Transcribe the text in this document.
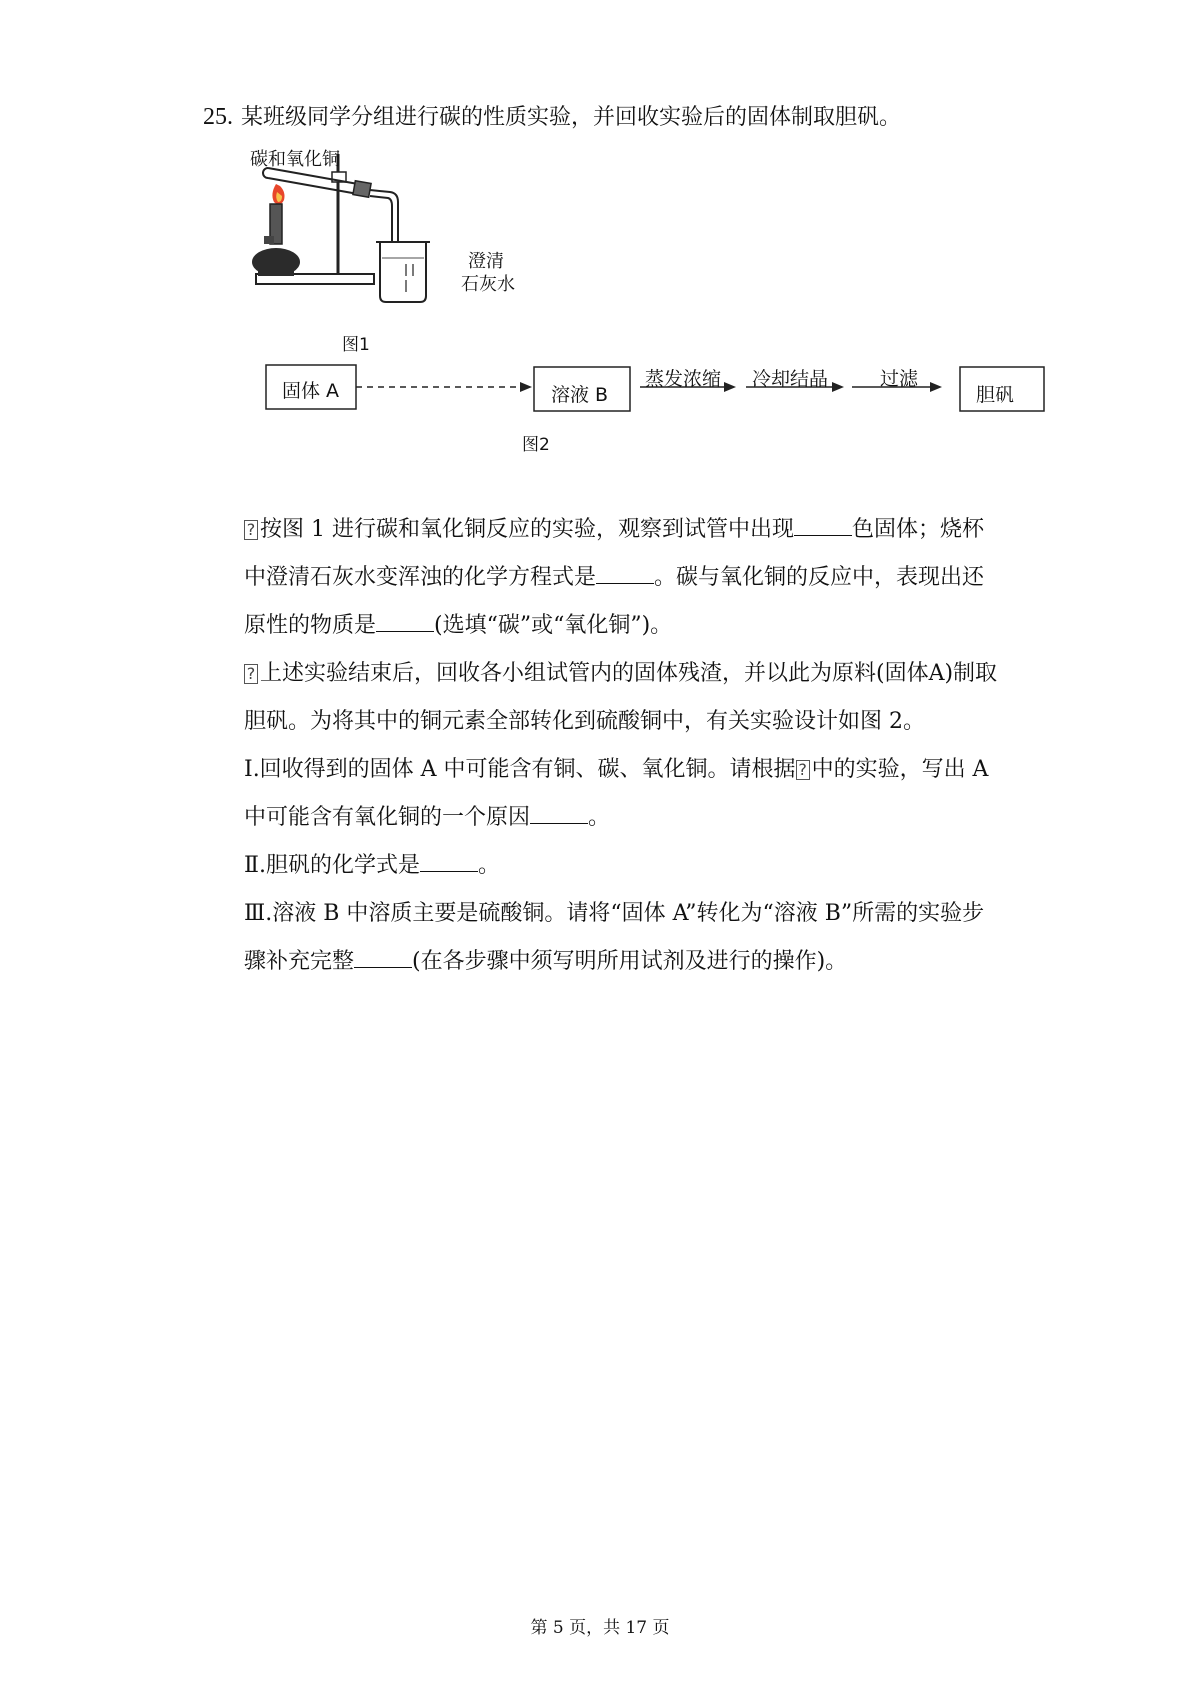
25. 某班级同学分组进行碳的性质实验，并回收实验后的固体制取胆矾。
碳和氧化铜
澄清
石灰水
图1
固体 A	溶液 B	胆矾
蒸发浓缩 冷却结晶	过滤
图2
? 按图 1 进行碳和氧化铜反应的实验，观察到试管中出现	色固体；烧杯中澄清石灰水变浑浊的化学方程式是	。碳与氧化铜的反应中，表现出还原性的物质是	(选填“碳”或“氧化铜”)。
? 上述实验结束后，回收各小组试管内的固体残渣，并以此为原料(固体A)制取胆矾。为将其中的铜元素全部转化到硫酸铜中，有关实验设计如图 2。
Ⅰ.回收得到的固体 A 中可能含有铜、碳、氧化铜。请根据 ? 中的实验，写出 A 中可能含有氧化铜的一个原因	。
Ⅱ.胆矾的化学式是	。
Ⅲ.溶液 B 中溶质主要是硫酸铜。请将“固体 A”转化为“溶液 B”所需的实验步骤补充完整	(在各步骤中须写明所用试剂及进行的操作)。
第 5 页，共 17 页
